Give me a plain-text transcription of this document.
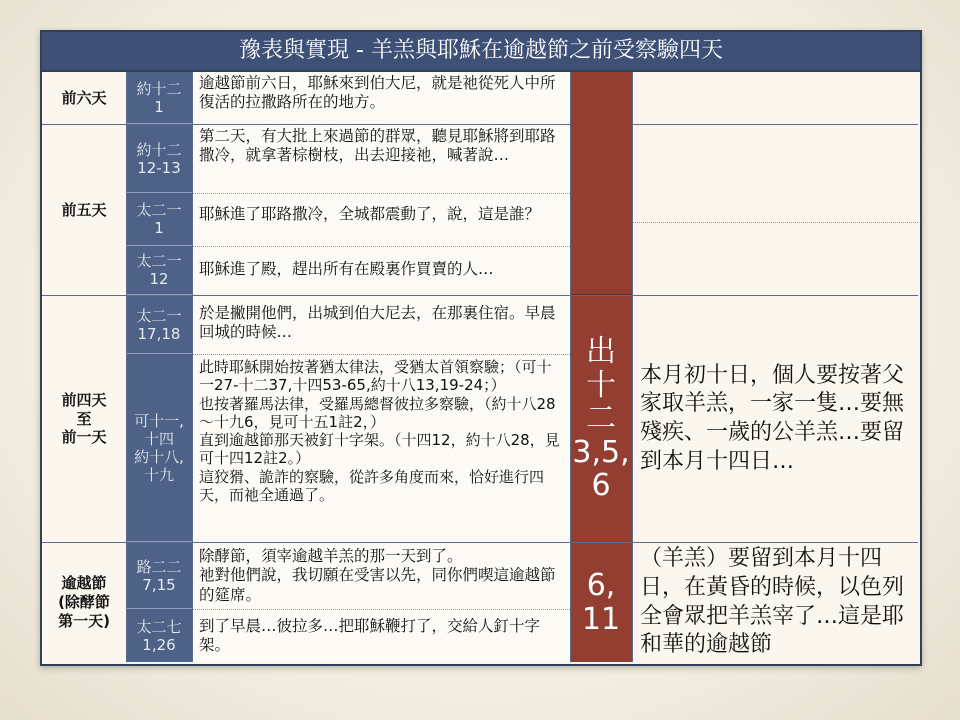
豫表與實現 - 羊羔與耶穌在逾越節之前受察驗四天
前六天
約十二
1
逾越節前六日，耶穌來到伯大尼，就是祂從死人中所復活的拉撒路所在的地方。
前五天
約十二
12-13
第二天，有大批上來過節的群眾，聽見耶穌將到耶路撒冷，就拿著棕樹枝，出去迎接祂，喊著說…
太二一
1
耶穌進了耶路撒冷，全城都震動了，說，這是誰？
太二一
12
耶穌進了殿，趕出所有在殿裏作買賣的人…
前四天
至
前一天
太二一
17,18
於是撇開他們，出城到伯大尼去，在那裏住宿。早晨回城的時候…
可十一,
十四
約十八,
十九
此時耶穌開始按著猶太律法，受猶太首領察驗；（可十一27-十二37,十四53-65,約十八13,19-24；）
也按著羅馬法律，受羅馬總督彼拉多察驗，（約十八28～十九6，見可十五1註2，）
直到逾越節那天被釘十字架。（十四12，約十八28，見可十四12註2。）
這狡猾、詭詐的察驗，從許多角度而來，恰好進行四天，而祂全通過了。
逾越節
(除酵節
第一天)
路二二
7,15
除酵節，須宰逾越羊羔的那一天到了。
祂對他們說，我切願在受害以先，同你們喫這逾越節的筵席。
太二七
1,26
到了早晨…彼拉多…把耶穌鞭打了，交給人釘十字架。
出
十
二
3,5,
6
6,
11
本月初十日，個人要按著父家取羊羔，一家一隻…要無殘疾、一歲的公羊羔…要留到本月十四日…
（羊羔）要留到本月十四日，在黃昏的時候，以色列全會眾把羊羔宰了…這是耶和華的逾越節
